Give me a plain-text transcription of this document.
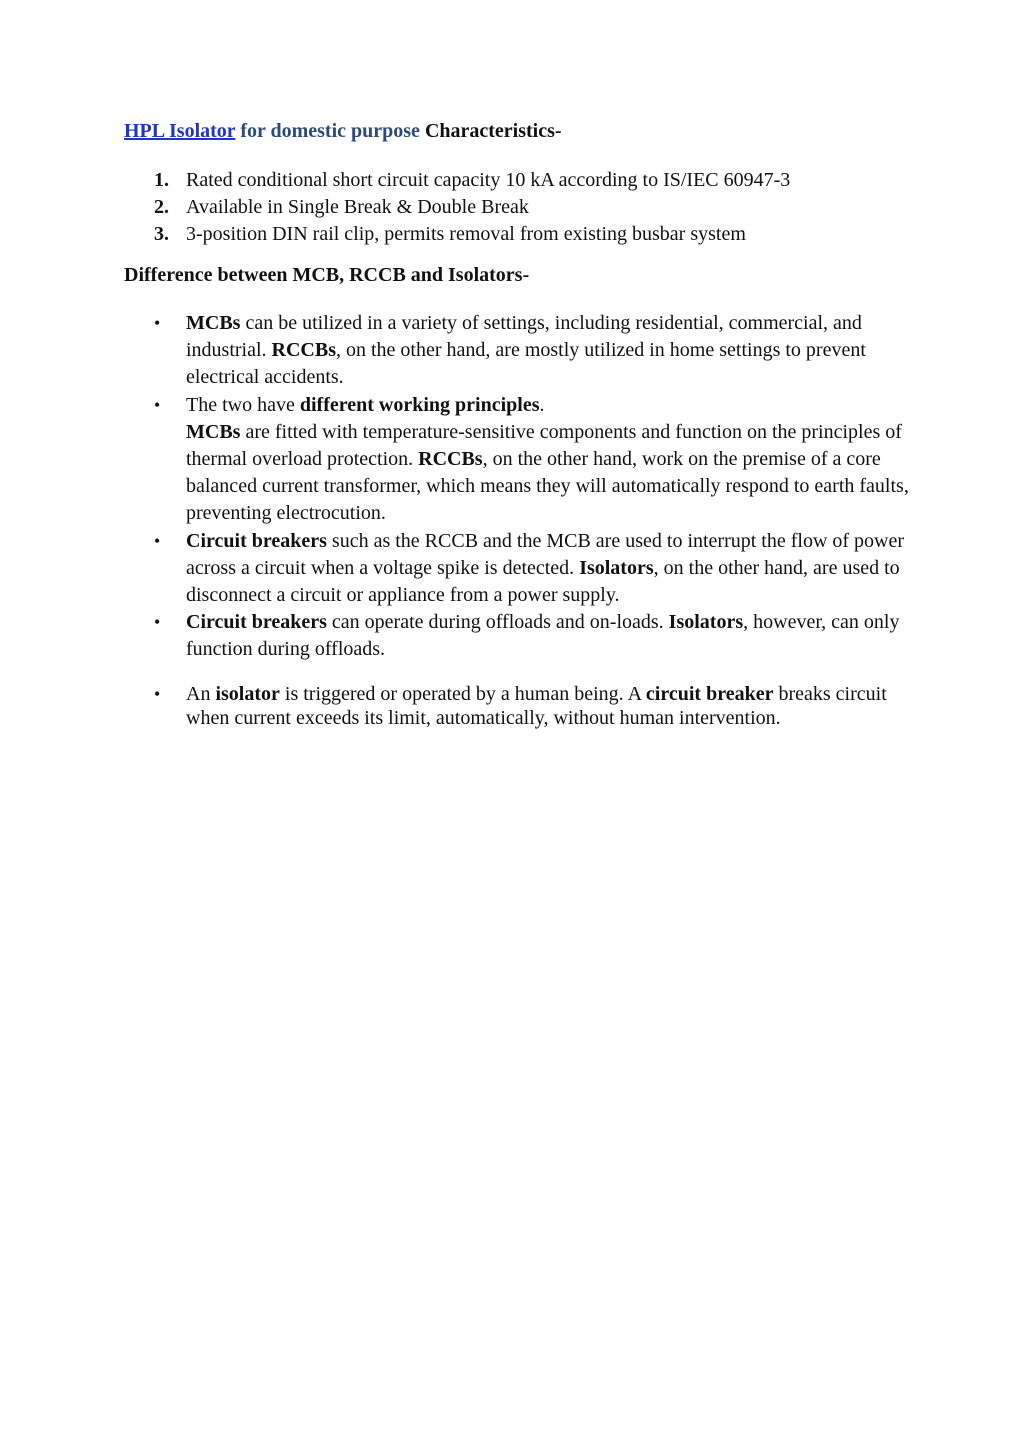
HPL Isolator for domestic purpose Characteristics-
1. Rated conditional short circuit capacity 10 kA according to IS/IEC 60947-3
2. Available in Single Break & Double Break
3. 3-position DIN rail clip, permits removal from existing busbar system
Difference between MCB, RCCB and Isolators-
• MCBs can be utilized in a variety of settings, including residential, commercial, and industrial. RCCBs, on the other hand, are mostly utilized in home settings to prevent electrical accidents.
• The two have different working principles.
MCBs are fitted with temperature-sensitive components and function on the principles of thermal overload protection. RCCBs, on the other hand, work on the premise of a core balanced current transformer, which means they will automatically respond to earth faults, preventing electrocution.
• Circuit breakers such as the RCCB and the MCB are used to interrupt the flow of power across a circuit when a voltage spike is detected. Isolators, on the other hand, are used to disconnect a circuit or appliance from a power supply.
• Circuit breakers can operate during offloads and on-loads. Isolators, however, can only function during offloads.
• An isolator is triggered or operated by a human being. A circuit breaker breaks circuit when current exceeds its limit, automatically, without human intervention.
